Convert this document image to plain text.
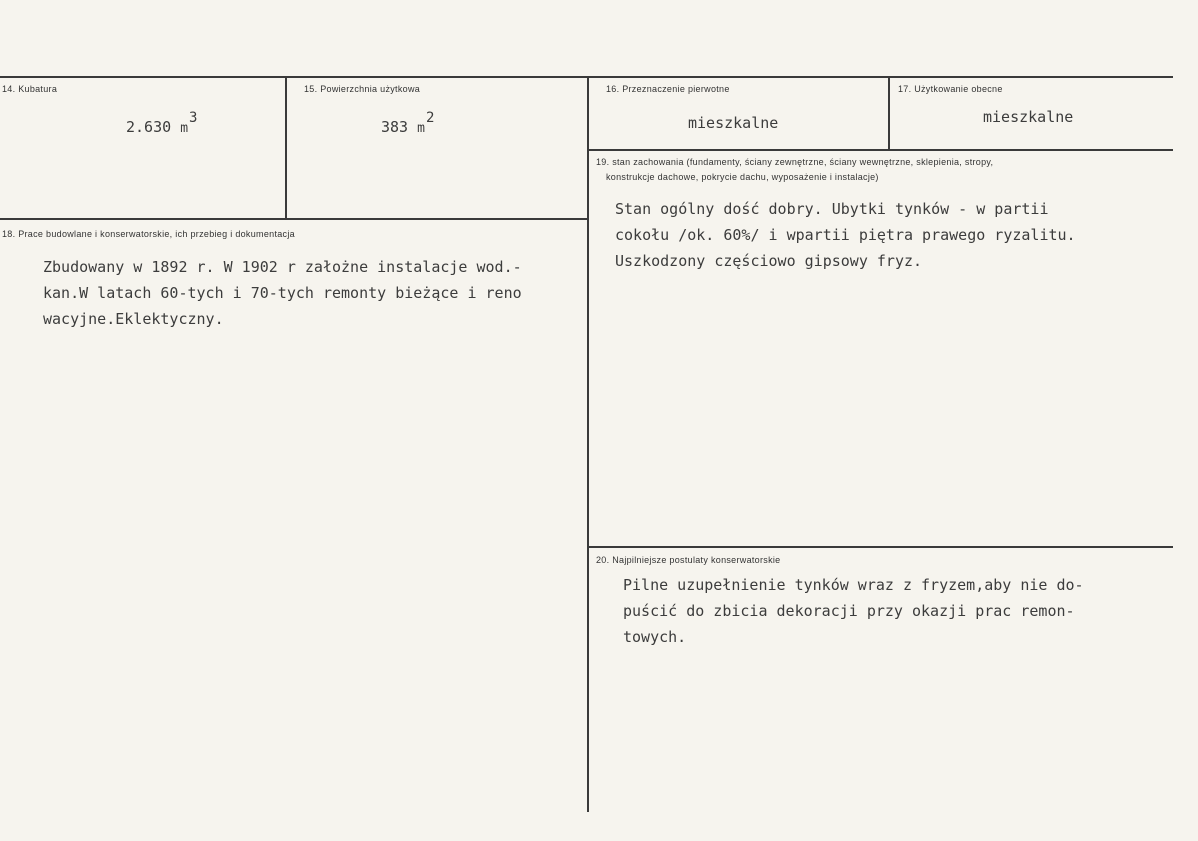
14. Kubatura
2.630 $m^3$
15. Powierzchnia użytkowa
383 $m^2$
16. Przeznaczenie pierwotne
mieszkalne
17. Użytkowanie obecne
mieszkalne
18. Prace budowlane i konserwatorskie, ich przebieg i dokumentacja
Zbudowany w 1892 r. W 1902 r założne instalacje wod.-
kan.W latach 60-tych i 70-tych remonty bieżące i reno
wacyjne.Eklektyczny.
19. stan zachowania (fundamenty, ściany zewnętrzne, ściany wewnętrzne, sklepienia, stropy,
konstrukcje dachowe, pokrycie dachu, wyposażenie i instalacje)
Stan ogólny dość dobry. Ubytki tynków - w partii
cokołu /ok. 60%/ i wpartii piętra prawego ryzalitu.
Uszkodzony częściowo gipsowy fryz.
20. Najpilniejsze postulaty konserwatorskie
Pilne uzupełnienie tynków wraz z fryzem,aby nie do-
puścić do zbicia dekoracji przy okazji prac remon-
towych.
